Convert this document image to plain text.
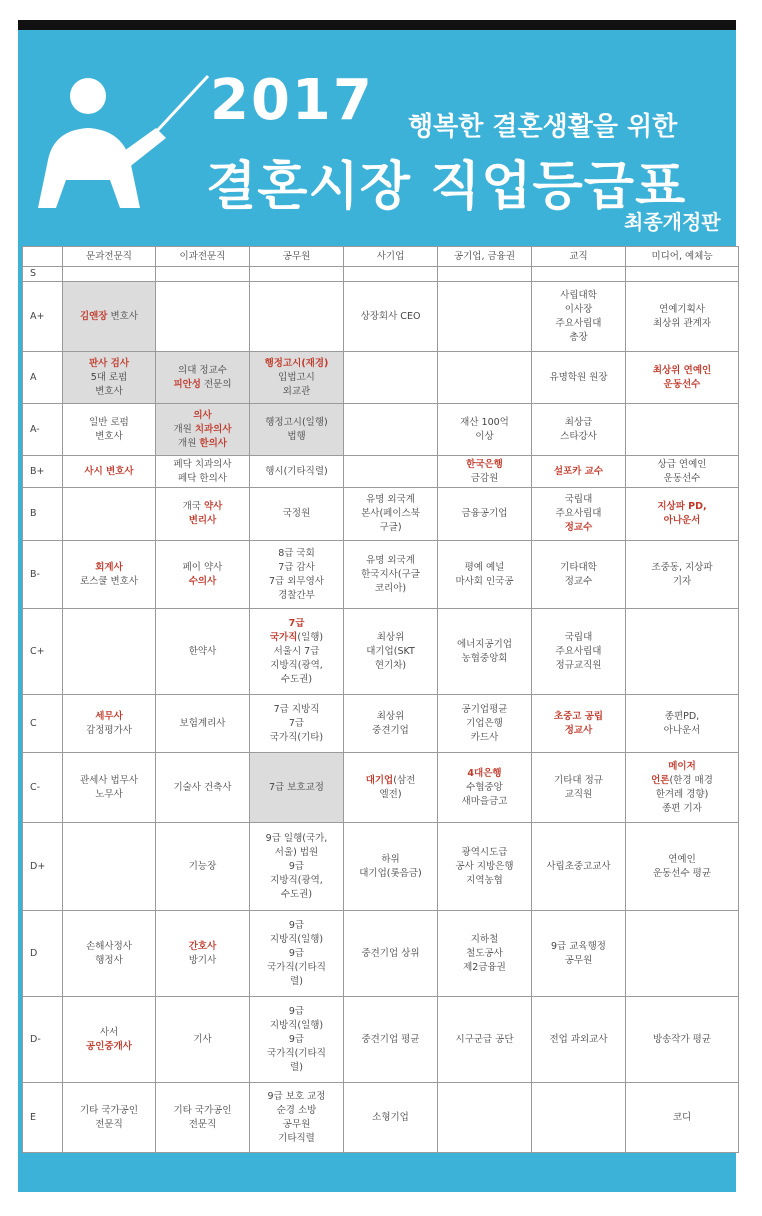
2017 행복한 결혼생활을 위한
결혼시장 직업등급표
최종개정판
	문과전문직	이과전문직	공무원	사기업	공기업, 금융권	교직	미디어, 예체능
S							
A+	김앤장 변호사			상장회사 CEO		사립대학
이사장
주요사립대
총장	연예기획사
최상위 관계자

A	판사 검사
5대 로펌
변호사	의대 정교수
피안성 전문의	행정고시(재경)
입법고시
외교관			유명학원 원장	최상위 연예인
운동선수

A-	일반 로펌
변호사	의사
개원 치과의사
개원 한의사	행정고시(일행)
법행		재산 100억
이상	최상급
스타강사	

B+	사시 변호사	페닥 치과의사
페닥 한의사	행시(기타직렬)		한국은행
금감원	설포카 교수	상급 연예인
운동선수

B		개국 약사
변리사	국정원	유명 외국계
본사(페이스북
구글)	금융공기업	국립대
주요사립대
정교수	지상파 PD,
아나운서

B-	회계사
로스쿨 변호사	페이 약사
수의사	8급 국회
7급 감사
7급 외무영사
경찰간부	유명 외국계
한국지사(구글
코리아)	평예 예널
마사회 인국공	기타대학
정교수	조중동, 지상파
기자

C+		한약사	7급
국가직(일행)
서울시 7급
지방직(광역,
수도권)	최상위
대기업(SKT
현기차)	에너지공기업
농협중앙회	국립대
주요사립대
정규교직원	

C	세무사
감정평가사	보험계리사	7급 지방직
7급
국가직(기타)	최상위
중견기업	공기업평균
기업은행
카드사	초중고 공립
정교사	종편PD,
아나운서

C-	관세사 법무사
노무사	기술사 건축사	7급 보호교정	대기업(삼전
엘전)	4대은행
수협중앙
새마을금고	기타대 정규
교직원	메이저
언론(한경 매경
한겨레 경향)
종편 기자

D+		기능장	9급 일행(국가,
서울) 법원
9급
지방직(광역,
수도권)	하위
대기업(롯음금)	광역시도급
공사 지방은행
지역농협	사립초중고교사	연예인
운동선수 평균

D	손해사정사
행정사	간호사
방기사	9급
지방직(일행)
9급
국가직(기타직
렬)	중견기업 상위	지하철
철도공사
제2금융권	9급 교육행정
공무원	

D-	사서
공인중개사	기사	9급
지방직(일행)
9급
국가직(기타직
렬)	중견기업 평균	시구군급 공단	전업 과외교사	방송작가 평균
E	기타 국가공인
전문직	기타 국가공인
전문직	9급 보호 교정
순경 소방
공무원
기타직렬	소형기업			코디
